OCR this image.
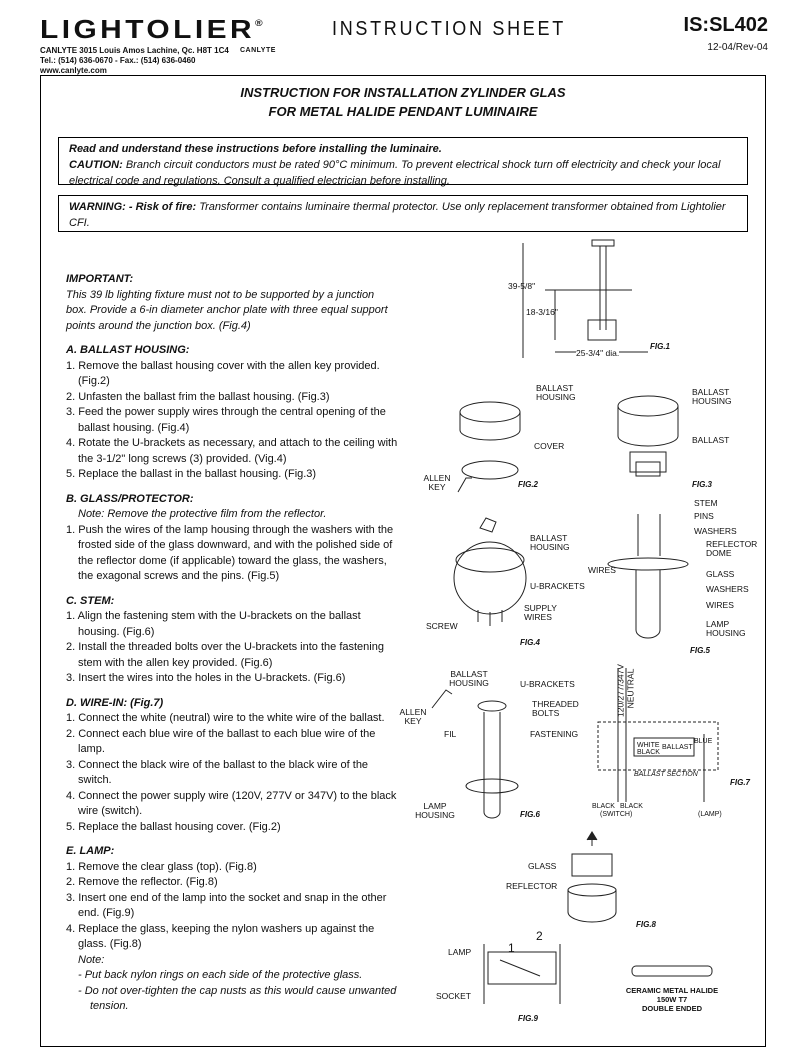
LIGHTOLIER®
CANLYTE 3015 Louis Amos Lachine, Qc. H8T 1C4
Tel.: (514) 636-0670 - Fax.: (514) 636-0460
www.canlyte.com
CANLYTE
INSTRUCTION SHEET	IS:SL402
12-04/Rev-04
INSTRUCTION FOR INSTALLATION ZYLINDER GLAS
FOR METAL HALIDE PENDANT LUMINAIRE
Read and understand these instructions before installing the luminaire.
CAUTION: Branch circuit conductors must be rated 90°C minimum. To prevent electrical shock turn off electricity and check your local electrical code and regulations. Consult a qualified electrician before installing.
WARNING: - Risk of fire: Transformer contains luminaire thermal protector. Use only replacement transformer obtained from Lightolier CFI.
IMPORTANT:
This 39 lb lighting fixture must not to be supported by a junction box. Provide a 6-in diameter anchor plate with three equal support points around the junction box. (Fig.4)
A. BALLAST HOUSING:
1. Remove the ballast housing cover with the allen key provided. (Fig.2)
2. Unfasten the ballast frim the ballast housing. (Fig.3)
3. Feed the power supply wires through the central opening of the ballast housing. (Fig.4)
4. Rotate the U-brackets as necessary, and attach to the ceiling with the 3-1/2" long screws (3) provided. (Vig.4)
5. Replace the ballast in the ballast housing. (Fig.3)
B. GLASS/PROTECTOR:
Note: Remove the protective film from the reflector.
1. Push the wires of the lamp housing through the washers with the frosted side of the glass downward, and with the polished side of the reflector dome (if applicable) toward the glass, the washers, the exagonal screws and the pins. (Fig.5)
C. STEM:
1. Align the fastening stem with the U-brackets on the ballast housing. (Fig.6)
2. Install the threaded bolts over the U-brackets into the fastening stem with the allen key provided. (Fig.6)
3. Insert the wires into the holes in the U-brackets. (Fig.6)
D. WIRE-IN: (Fig.7)
1. Connect the white (neutral) wire to the white wire of the ballast.
2. Connect each blue wire of the ballast to each blue wire of the lamp.
3. Connect the black wire of the ballast to the black wire of the switch.
4. Connect the power supply wire (120V, 277V or 347V) to the black wire (switch).
5. Replace the ballast housing cover. (Fig.2)
E. LAMP:
1. Remove the clear glass (top). (Fig.8)
2. Remove the reflector. (Fig.8)
3. Insert one end of the lamp into the socket and snap in the other end. (Fig.9)
4. Replace the glass, keeping the nylon washers up against the glass. (Fig.8)
Note:
- Put back nylon rings on each side of the protective glass.
- Do not over-tighten the cap nusts as this would cause unwanted tension.
39-5/8"
18-3/16"
25-3/4" dia.
FIG.1
BALLAST HOUSING
COVER
ALLEN KEY	FIG.2
BALLAST HOUSING
BALLAST
FIG.3
BALLAST HOUSING
U-BRACKETS
SUPPLY WIRES
SCREW
FIG.4
STEM
PINS
WASHERS
REFLECTOR DOME
WIRES	GLASS
WASHERS
WIRES
LAMP HOUSING
FIG.5
BALLAST HOUSING	U-BRACKETS
ALLEN KEY
THREADED BOLTS
FIL	FASTENING
LAMP HOUSING	FIG.6
120/277/347V NEUTRAL
WHITE
BLACK
BALLAST
BLUE
BALLAST SECTION
BLACK BLACK
(SWITCH)	(LAMP)
FIG.7
GLASS
REFLECTOR
FIG.8
LAMP
SOCKET
1
2
FIG.9
CERAMIC METAL HALIDE
150W T7
DOUBLE ENDED
